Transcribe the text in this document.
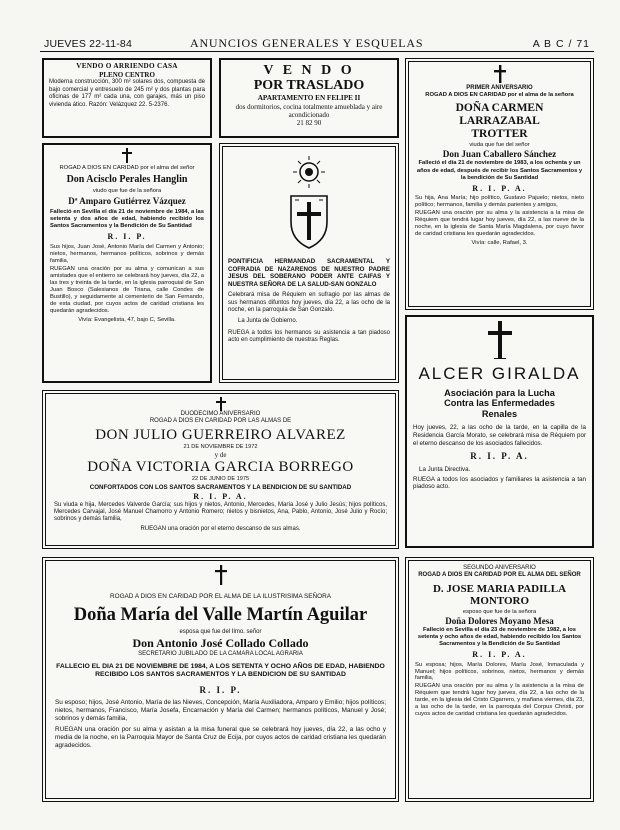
JUEVES 22-11-84	ANUNCIOS GENERALES Y ESQUELAS	A B C / 71

VENDO O ARRIENDO CASA

PLENO CENTRO

Moderna construcción, 300 m² solares dos, compuesta de bajo comercial y entresuelo de 245 m² y dos plantas para oficinas de 177 m² cada una, con garajes, más un piso vivienda ático. Razón: Velázquez 22. 5-2376.

ROGAD A DIOS EN CARIDAD por el alma del señor

Don Acisclo Perales Hanglin

viudo que fue de la señora

Dª Amparo Gutiérrez Vázquez

Falleció en Sevilla el día 21 de noviembre de 1984, a las setenta y dos años de edad, habiendo recibido los Santos Sacramentos y la Bendición de Su Santidad

R. I. P.

Sus hijos, Juan José, Antonio María del Carmen y Antonio; nietos, hermanos, hermanos políticos, sobrinos y demás familia,

RUEGAN una oración por su alma y comunican a sus amistades que el entierro se celebrará hoy jueves, día 22, a las tres y treinta de la tarde, en la iglesia parroquial de San Juan Bosco (Salesianos de Triana, calle Condes de Bustillo), y seguidamente al cementerio de San Fernando, de esta ciudad, por cuyos actos de caridad cristiana les quedarán agradecidos.

Vivía: Evangelista, 47, bajo C, Sevilla.

V E N D O

POR TRASLADO

APARTAMENTO EN FELIPE II

dos dormitorios, cocina totalmente amueblada y aire acondicionado

21 82 90

PONTIFICIA HERMANDAD SACRAMENTAL Y COFRADIA DE NAZARENOS DE NUESTRO PADRE JESUS DEL SOBERANO PODER ANTE CAIFAS Y NUESTRA SEÑORA DE LA SALUD-SAN GONZALO

Celebrará misa de Réquiem en sufragio por las almas de sus hermanos difuntos hoy jueves, día 22, a las ocho de la noche, en la parroquia de San Gonzalo.

La Junta de Gobierno.

RUEGA a todos los hermanos su asistencia a tan piadoso acto en cumplimiento de nuestras Reglas.

PRIMER ANIVERSARIO

ROGAD A DIOS EN CARIDAD por el alma de la señora

DOÑA CARMEN LARRAZABAL

TROTTER

viuda que fue del señor

Don Juan Caballero Sánchez

Falleció el día 21 de noviembre de 1983, a los ochenta y un años de edad, después de recibir los Santos Sacramentos y la bendición de Su Santidad

R. I. P. A.

Su hija, Ana María; hijo político, Gustavo Pajuelo; nietos, nieto político; hermanos, familia y demás parientes y amigos,

RUEGAN una oración por su alma y la asistencia a la misa de Réquiem que tendrá lugar hoy jueves, día 22, a las nueve de la noche, en la iglesia de Santa María Magdalena, por cuyo favor de caridad cristiana les quedarán agradecidos.

Vivía: calle, Rafael, 3.

ALCER GIRALDA

Asociación para la Lucha

Contra las Enfermedades

Renales

Hoy jueves, 22, a las ocho de la tarde, en la capilla de la Residencia García Morato, se celebrará misa de Réquiem por el eterno descanso de los asociados fallecidos.

R. I. P. A.

La Junta Directiva.

RUEGA a todos los asociados y familiares la asistencia a tan piadoso acto.

DUODECIMO ANIVERSARIO

ROGAD A DIOS EN CARIDAD POR LAS ALMAS DE

DON JULIO GUERREIRO ALVAREZ

21 DE NOVIEMBRE DE 1972

y de

DOÑA VICTORIA GARCIA BORREGO

22 DE JUNIO DE 1975

CONFORTADOS CON LOS SANTOS SACRAMENTOS Y LA BENDICION DE SU SANTIDAD

R. I. P. A.

Su viuda e hija, Mercedes Valverde García; sus hijos y nietos, Antonio, Mercedes, María José y Julio Jesús; hijos políticos, Mercedes Carvajal, José Manuel Chamorro y Antonio Romero; nietos y bisnietos, Ana, Pablo, Antonio, José Julio y Rocío; sobrinos y demás familia,

RUEGAN una oración por el eterno descanso de sus almas.

ROGAD A DIOS EN CARIDAD POR EL ALMA DE LA ILUSTRISIMA SEÑORA

Doña María del Valle Martín Aguilar

esposa que fue del Ilmo. señor

Don Antonio José Collado Collado

SECRETARIO JUBILADO DE LA CAMARA LOCAL AGRARIA

FALLECIO EL DIA 21 DE NOVIEMBRE DE 1984, A LOS SETENTA Y OCHO AÑOS DE EDAD, HABIENDO RECIBIDO LOS SANTOS SACRAMENTOS Y LA BENDICION DE SU SANTIDAD

R. I. P.

Su esposo; hijos, José Antonio, María de las Nieves, Concepción, María Auxiliadora, Amparo y Emilio; hijos políticos; nietos, hermanos, Francisco, María Josefa, Encarnación y María del Carmen; hermanos políticos, Manuel y José; sobrinos y demás familia,

RUEGAN una oración por su alma y asistan a la misa funeral que se celebrará hoy jueves, día 22, a las ocho y media de la noche, en la Parroquia Mayor de Santa Cruz de Ecija, por cuyos actos de caridad cristiana les quedarán agradecidos.

SEGUNDO ANIVERSARIO

ROGAD A DIOS EN CARIDAD POR EL ALMA DEL SEÑOR

D. JOSE MARIA PADILLA

MONTORO

esposo que fue de la señora

Doña Dolores Moyano Mesa

Falleció en Sevilla el día 23 de noviembre de 1982, a los setenta y ocho años de edad, habiendo recibido los Santos Sacramentos y la Bendición de Su Santidad

R. I. P. A.

Su esposa; hijos, María Dolores, María José, Inmaculada y Manuel; hijos políticos, sobrinos, nietos, hermanos y demás familia,

RUEGAN una oración por su alma y la asistencia a la misa de Réquiem que tendrá lugar hoy jueves, día 22, a las ocho de la tarde, en la iglesia del Cristo Cigarrero, y mañana viernes, día 23, a las ocho de la tarde, en la parroquia del Corpus Christi, por cuyos actos de caridad cristiana les quedarán agradecidos.
